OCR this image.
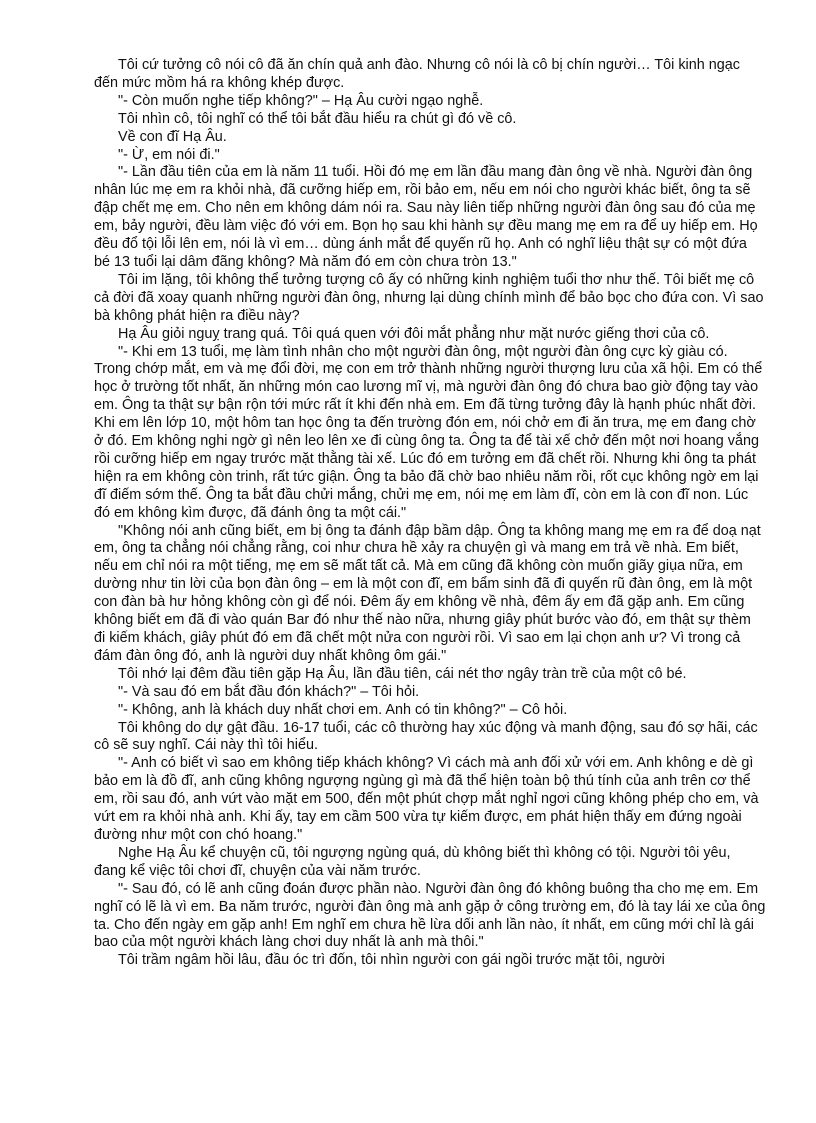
Tôi cứ tưởng cô nói cô đã ăn chín quả anh đào. Nhưng cô nói là cô bị chín người… Tôi kinh ngạc đến mức mồm há ra không khép được.

"- Còn muốn nghe tiếp không?" – Hạ Âu cười ngạo nghễ.

Tôi nhìn cô, tôi nghĩ có thể tôi bắt đầu hiểu ra chút gì đó về cô.

Về con đĩ Hạ Âu.

"- Ừ, em nói đi."

"- Lần đầu tiên của em là năm 11 tuổi. Hồi đó mẹ em lần đầu mang đàn ông về nhà. Người đàn ông nhân lúc mẹ em ra khỏi nhà, đã cưỡng hiếp em, rồi bảo em, nếu em nói cho người khác biết, ông ta sẽ đập chết mẹ em. Cho nên em không dám nói ra. Sau này liên tiếp những người đàn ông sau đó của mẹ em, bảy người, đều làm việc đó với em. Bọn họ sau khi hành sự đều mang mẹ em ra để uy hiếp em. Họ đều đổ tội lỗi lên em, nói là vì em… dùng ánh mắt để quyến rũ họ. Anh có nghĩ liệu thật sự có một đứa bé 13 tuổi lại dâm đãng không? Mà năm đó em còn chưa tròn 13."

Tôi im lặng, tôi không thể tưởng tượng cô ấy có những kinh nghiệm tuổi thơ như thế. Tôi biết mẹ cô cả đời đã xoay quanh những người đàn ông, nhưng lại dùng chính mình để bảo bọc cho đứa con. Vì sao bà không phát hiện ra điều này?

Hạ Âu giỏi nguỵ trang quá. Tôi quá quen với đôi mắt phẳng như mặt nước giếng thơi của cô.

"- Khi em 13 tuổi, mẹ làm tình nhân cho một người đàn ông, một người đàn ông cực kỳ giàu có. Trong chớp mắt, em và mẹ đổi đời, mẹ con em trở thành những người thượng lưu của xã hội. Em có thể học ở trường tốt nhất, ăn những món cao lương mĩ vị, mà người đàn ông đó chưa bao giờ động tay vào em. Ông ta thật sự bận rộn tới mức rất ít khi đến nhà em. Em đã từng tưởng đây là hạnh phúc nhất đời. Khi em lên lớp 10, một hôm tan học ông ta đến trường đón em, nói chở em đi ăn trưa, mẹ em đang chờ ở đó. Em không nghi ngờ gì nên leo lên xe đi cùng ông ta. Ông ta để tài xế chở đến một nơi hoang vắng rồi cưỡng hiếp em ngay trước mặt thằng tài xế. Lúc đó em tưởng em đã chết rồi. Nhưng khi ông ta phát hiện ra em không còn trinh, rất tức giận. Ông ta bảo đã chờ bao nhiêu năm rồi, rốt cục không ngờ em lại đĩ điếm sớm thế. Ông ta bắt đầu chửi mắng, chửi mẹ em, nói mẹ em làm đĩ, còn em là con đĩ non. Lúc đó em không kìm được, đã đánh ông ta một cái."

"Không nói anh cũng biết, em bị ông ta đánh đập bầm dập. Ông ta không mang mẹ em ra để doạ nạt em, ông ta chẳng nói chẳng rằng, coi như chưa hề xảy ra chuyện gì và mang em trả về nhà. Em biết, nếu em chỉ nói ra một tiếng, mẹ em sẽ mất tất cả. Mà em cũng đã không còn muốn giãy giụa nữa, em dường như tin lời của bọn đàn ông – em là một con đĩ, em bẩm sinh đã đi quyến rũ đàn ông, em là một con đàn bà hư hỏng không còn gì để nói. Đêm ấy em không về nhà, đêm ấy em đã gặp anh. Em cũng không biết em đã đi vào quán Bar đó như thế nào nữa, nhưng giây phút bước vào đó, em thật sự thèm đi kiếm khách, giây phút đó em đã chết một nửa con người rồi. Vì sao em lại chọn anh ư? Vì trong cả đám đàn ông đó, anh là người duy nhất không ôm gái."

Tôi nhớ lại đêm đầu tiên gặp Hạ Âu, lần đầu tiên, cái nét thơ ngây tràn trề của một cô bé.

"- Và sau đó em bắt đầu đón khách?" – Tôi hỏi.

"- Không, anh là khách duy nhất chơi em. Anh có tin không?" – Cô hỏi.

Tôi không do dự gật đầu. 16-17 tuổi, các cô thường hay xúc động và manh động, sau đó sợ hãi, các cô sẽ suy nghĩ. Cái này thì tôi hiểu.

"- Anh có biết vì sao em không tiếp khách không? Vì cách mà anh đối xử với em. Anh không e dè gì bảo em là đồ đĩ, anh cũng không ngượng ngùng gì mà đã thể hiện toàn bộ thú tính của anh trên cơ thể em, rồi sau đó, anh vứt vào mặt em 500, đến một phút chợp mắt nghỉ ngơi cũng không phép cho em, và vứt em ra khỏi nhà anh. Khi ấy, tay em cầm 500 vừa tự kiếm được, em phát hiện thấy em đứng ngoài đường như một con chó hoang."

Nghe Hạ Âu kể chuyện cũ, tôi ngượng ngùng quá, dù không biết thì không có tội. Người tôi yêu, đang kể việc tôi chơi đĩ, chuyện của vài năm trước.

"- Sau đó, có lẽ anh cũng đoán được phần nào. Người đàn ông đó không buông tha cho mẹ em. Em nghĩ có lẽ là vì em. Ba năm trước, người đàn ông mà anh gặp ở công trường em, đó là tay lái xe của ông ta. Cho đến ngày em gặp anh! Em nghĩ em chưa hề lừa dối anh lần nào, ít nhất, em cũng mới chỉ là gái bao của một người khách làng chơi duy nhất là anh mà thôi."

Tôi trầm ngâm hồi lâu, đầu óc trì đốn, tôi nhìn người con gái ngồi trước mặt tôi, người
